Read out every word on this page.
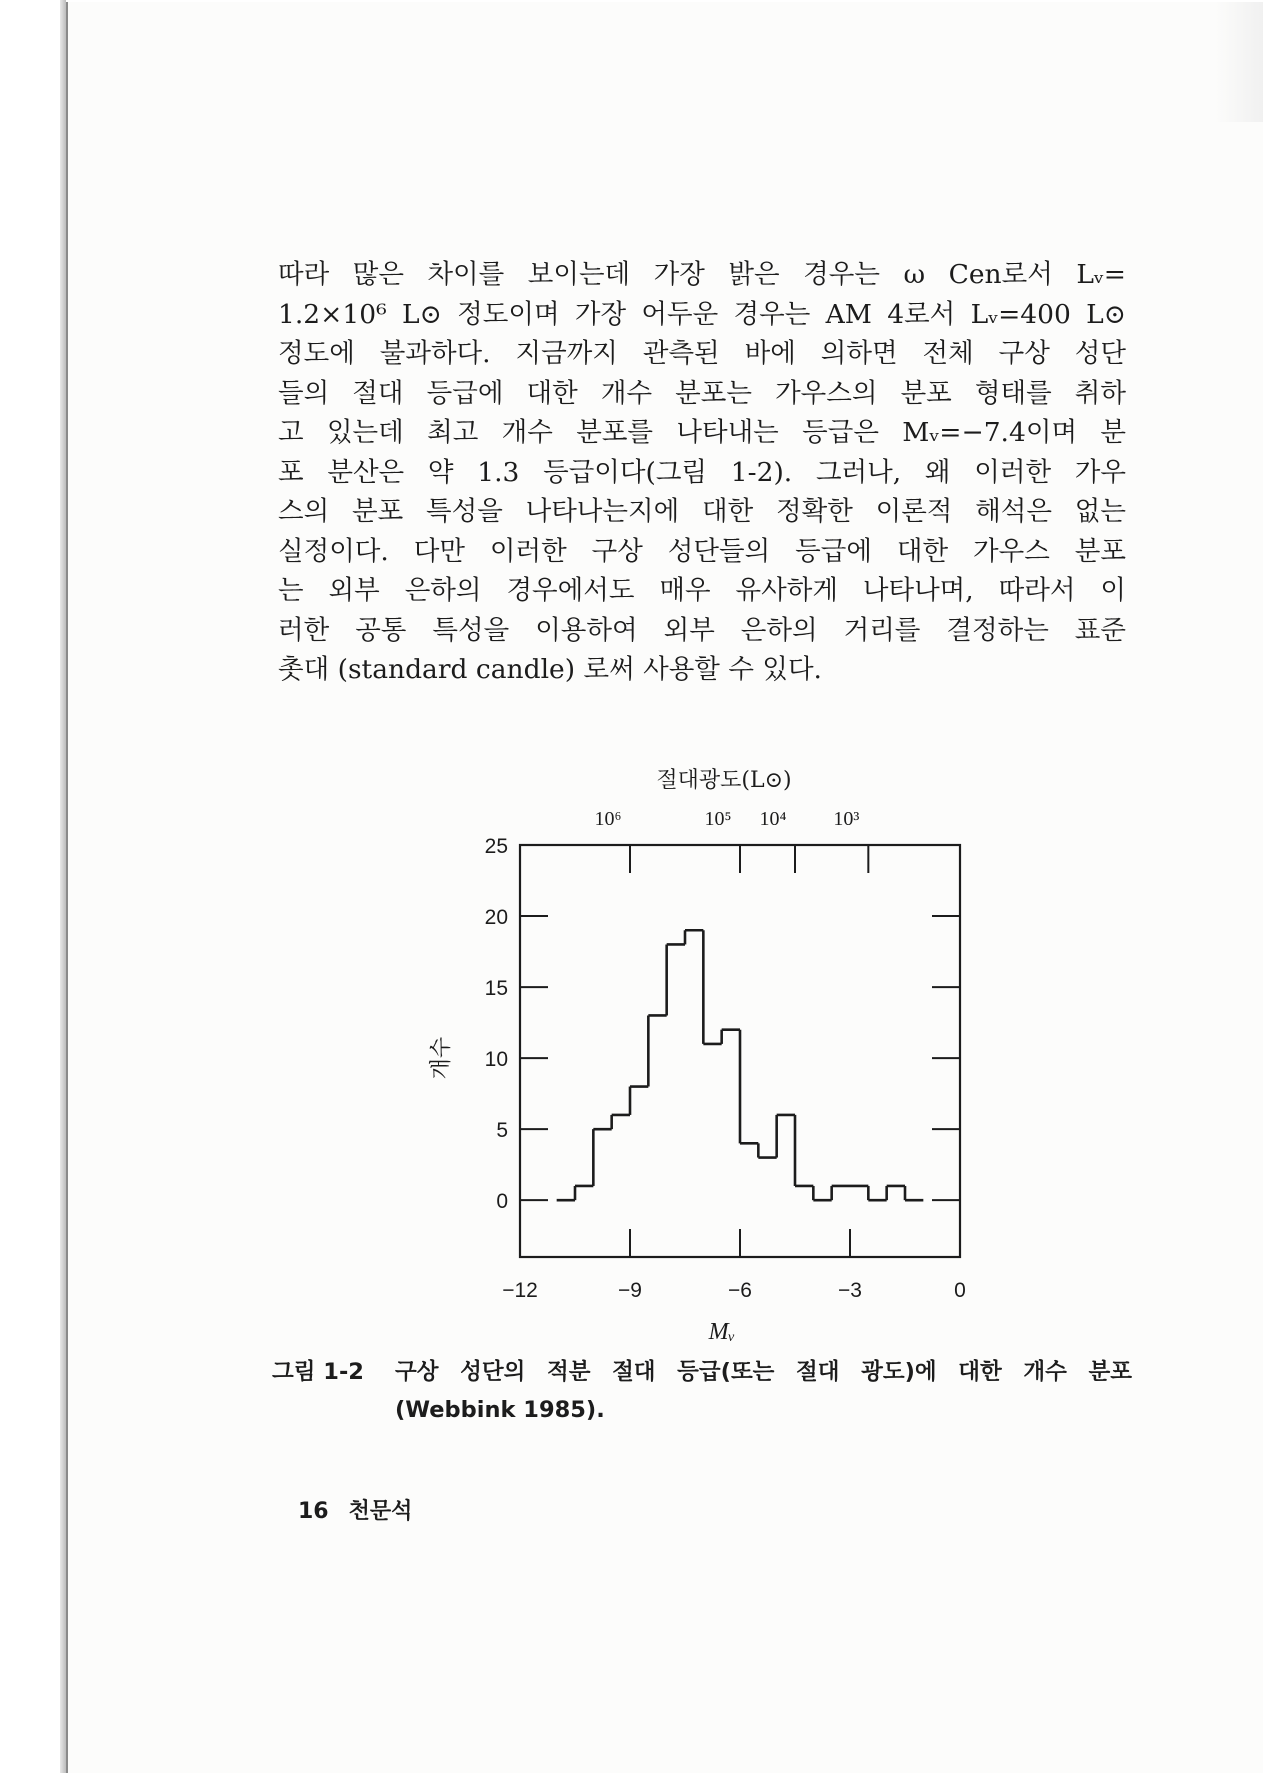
따라 많은 차이를 보이는데 가장 밝은 경우는 ω Cen로서 Lᵥ=
1.2×10⁶ L⊙ 정도이며 가장 어두운 경우는 AM 4로서 Lᵥ=400 L⊙
정도에 불과하다. 지금까지 관측된 바에 의하면 전체 구상 성단
들의 절대 등급에 대한 개수 분포는 가우스의 분포 형태를 취하
고 있는데 최고 개수 분포를 나타내는 등급은 Mᵥ=−7.4이며 분
포 분산은 약 1.3 등급이다(그림 1-2). 그러나, 왜 이러한 가우
스의 분포 특성을 나타나는지에 대한 정확한 이론적 해석은 없는
실정이다. 다만 이러한 구상 성단들의 등급에 대한 가우스 분포
는 외부 은하의 경우에서도 매우 유사하게 나타나며, 따라서 이
러한 공통 특성을 이용하여 외부 은하의 거리를 결정하는 표준
촛대 (standard candle) 로써 사용할 수 있다.
0
5
10
15
20
25
−12	−9	−6	−3	0
10⁶	10⁵ 10⁴ 10³
절대광도(L⊙)
Mᵥ
개수
그림 1-2	구상 성단의 적분 절대 등급(또는 절대 광도)에 대한 개수 분포
(Webbink 1985).
16 천문석
